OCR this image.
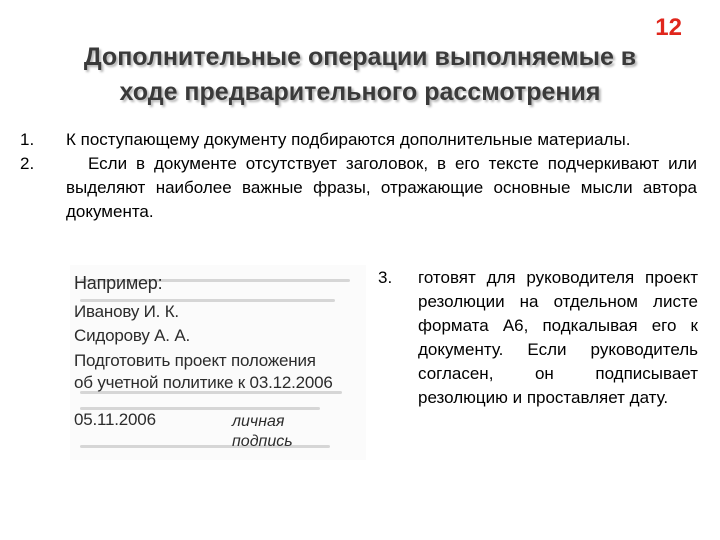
12
Дополнительные операции выполняемые в
ходе предварительного рассмотрения
1.	К поступающему документу подбираются дополнительные материалы.
2.	Если в документе отсутствует заголовок, в его тексте подчеркивают или выделяют наиболее важные фразы, отражающие основные мысли автора документа.
Например:
Иванову И. К.
Сидорову А. А.
Подготовить проект положения
об учетной политике к 03.12.2006
05.11.2006	личная
подпись
3. готовят для руководителя проект резолюции на отдельном листе формата А6, подкалывая его к документу. Если руководитель согласен, он подписывает резолюцию и проставляет дату.
